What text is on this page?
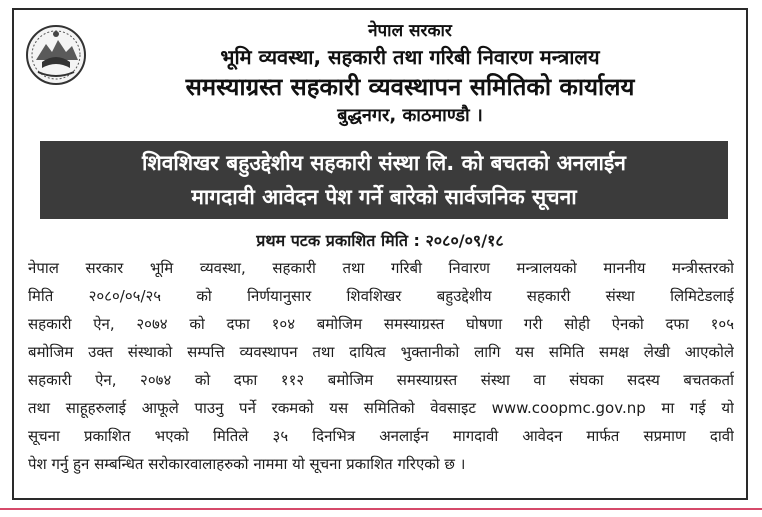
नेपाल सरकार
भूमि व्यवस्था, सहकारी तथा गरिबी निवारण मन्त्रालय
समस्याग्रस्त सहकारी व्यवस्थापन समितिको कार्यालय
बुद्धनगर, काठमाण्डौ ।
शिवशिखर बहुउद्देशीय सहकारी संस्था लि. को बचतको अनलाईन
मागदावी आवेदन पेश गर्ने बारेको सार्वजनिक सूचना
प्रथम पटक प्रकाशित मिति : २०८०/०९/१८
नेपाल सरकार भूमि व्यवस्था, सहकारी तथा गरिबी निवारण मन्त्रालयको माननीय मन्त्रीस्तरको
मिति २०८०/०५/२५ को निर्णयानुसार शिवशिखर बहुउद्देशीय सहकारी संस्था लिमिटेडलाई
सहकारी ऐन, २०७४ को दफा १०४ बमोजिम समस्याग्रस्त घोषणा गरी सोही ऐनको दफा १०५
बमोजिम उक्त संस्थाको सम्पत्ति व्यवस्थापन तथा दायित्व भुक्तानीको लागि यस समिति समक्ष लेखी आएकोले
सहकारी ऐन, २०७४ को दफा ११२ बमोजिम समस्याग्रस्त संस्था वा संघका सदस्य बचतकर्ता
तथा साहूहरुलाई आफूले पाउनु पर्ने रकमको यस समितिको वेवसाइट www.coopmc.gov.np मा गई यो
सूचना प्रकाशित भएको मितिले ३५ दिनभित्र अनलाईन मागदावी आवेदन मार्फत सप्रमाण दावी
पेश गर्नु हुन सम्बन्धित सरोकारवालाहरुको नाममा यो सूचना प्रकाशित गरिएको छ ।
